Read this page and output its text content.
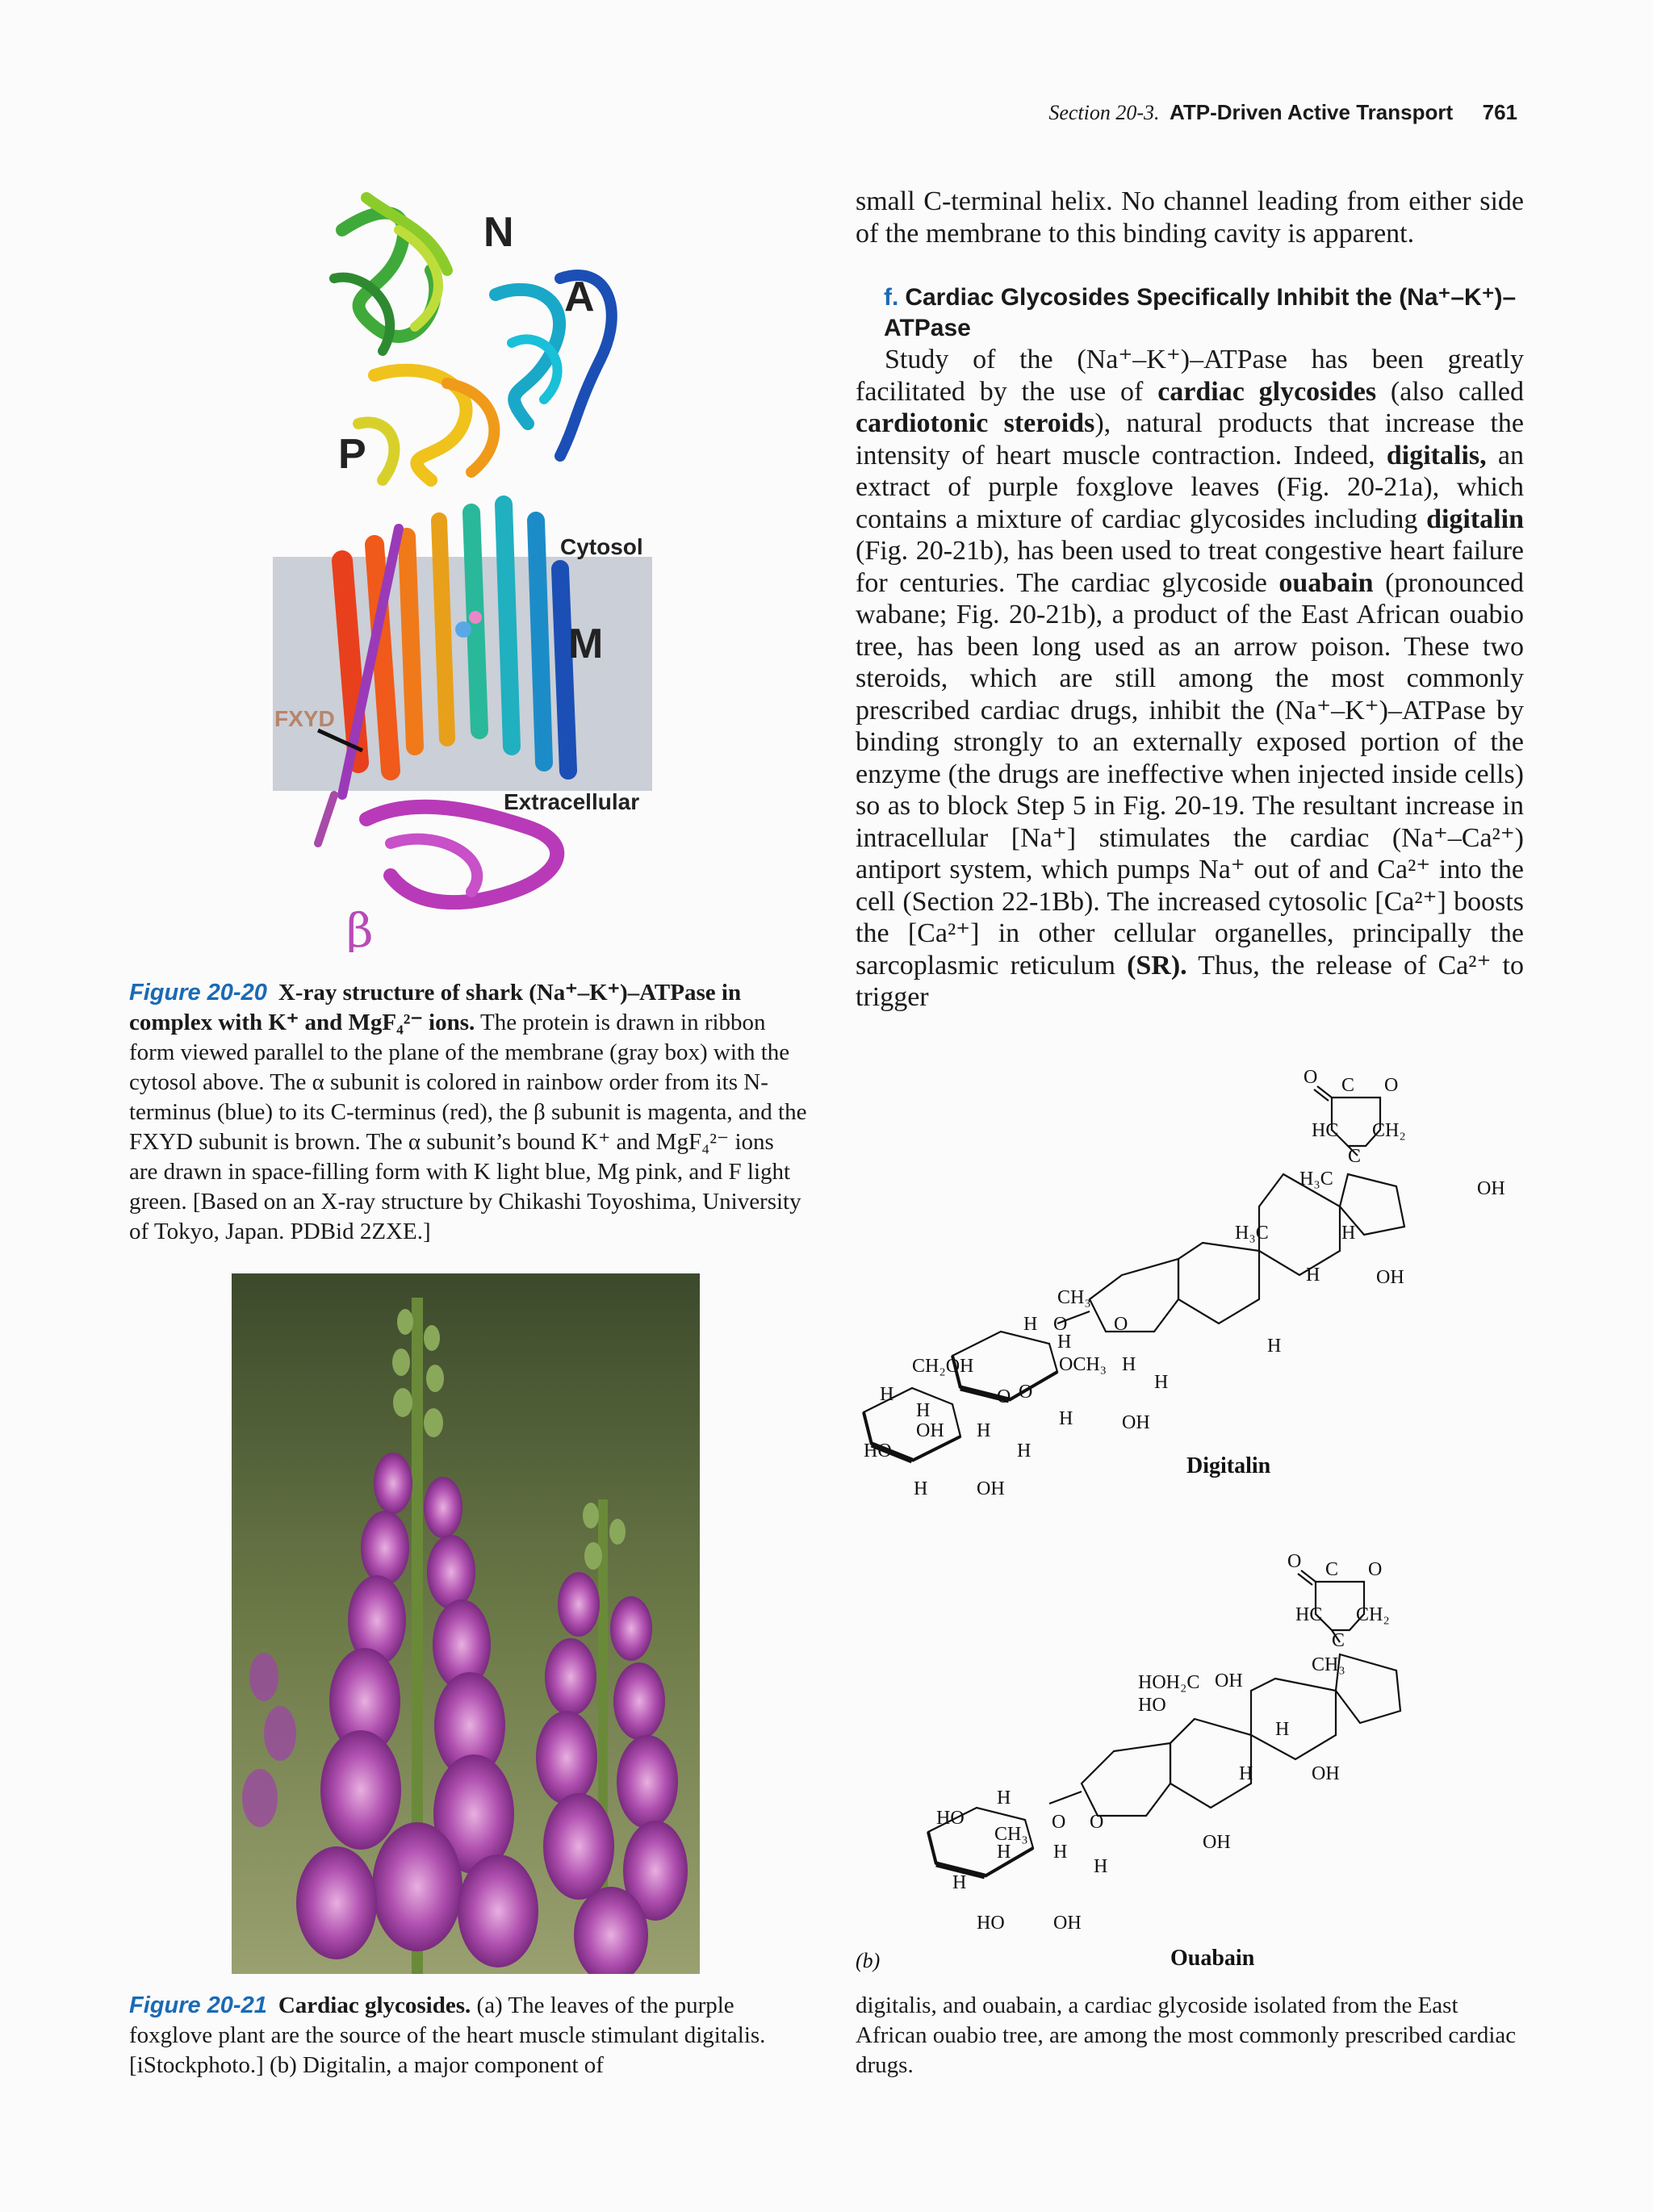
Section 20-3. ATP-Driven Active Transport 761
N
A
P
M
Cytosol
Extracellular
FXYD
β
Figure 20-20 X-ray structure of shark (Na⁺–K⁺)–ATPase in complex with K⁺ and MgF₄²⁻ ions. The protein is drawn in ribbon form viewed parallel to the plane of the membrane (gray box) with the cytosol above. The α subunit is colored in rainbow order from its N-terminus (blue) to its C-terminus (red), the β subunit is magenta, and the FXYD subunit is brown. The α subunit’s bound K⁺ and MgF₄²⁻ ions are drawn in space-filling form with K light blue, Mg pink, and F light green. [Based on an X-ray structure by Chikashi Toyoshima, University of Tokyo, Japan. PDBid 2ZXE.]
Figure 20-21 Cardiac glycosides. (a) The leaves of the purple foxglove plant are the source of the heart muscle stimulant digitalis. [iStockphoto.] (b) Digitalin, a major component of
small C-terminal helix. No channel leading from either side of the membrane to this binding cavity is apparent.
f. Cardiac Glycosides Specifically Inhibit the (Na⁺–K⁺)–ATPase
Study of the (Na⁺–K⁺)–ATPase has been greatly facilitated by the use of cardiac glycosides (also called cardiotonic steroids), natural products that increase the intensity of heart muscle contraction. Indeed, digitalis, an extract of purple foxglove leaves (Fig. 20-21a), which contains a mixture of cardiac glycosides including digitalin (Fig. 20-21b), has been used to treat congestive heart failure for centuries. The cardiac glycoside ouabain (pronounced wabane; Fig. 20-21b), a product of the East African ouabio tree, has been long used as an arrow poison. These two steroids, which are still among the most commonly prescribed cardiac drugs, inhibit the (Na⁺–K⁺)–ATPase by binding strongly to an externally exposed portion of the enzyme (the drugs are ineffective when injected inside cells) so as to block Step 5 in Fig. 20-19. The resultant increase in intracellular [Na⁺] stimulates the cardiac (Na⁺–Ca²⁺) antiport system, which pumps Na⁺ out of and Ca²⁺ into the cell (Section 22-1Bb). The increased cytosolic [Ca²⁺] boosts the [Ca²⁺] in other cellular organelles, principally the sarcoplasmic reticulum (SR). Thus, the release of Ca²⁺ to trigger
O C O
HC CH₂
C
H₃C	OH
H₃C	H
H	OH
H
O
CH₃
H
H
O
OCH₃ H
H
H	OH
CH₂OH
O O
H
H
OH H
HO	H
H	OH
Digitalin
O C O
HC CH₂
C
CH₃
HOH₂C OH
HO
H
H	OH
H
HO	O O
CH₃
H H
H
OH
H
HO	OH
Ouabain
(b)
digitalis, and ouabain, a cardiac glycoside isolated from the East African ouabio tree, are among the most commonly prescribed cardiac drugs.
